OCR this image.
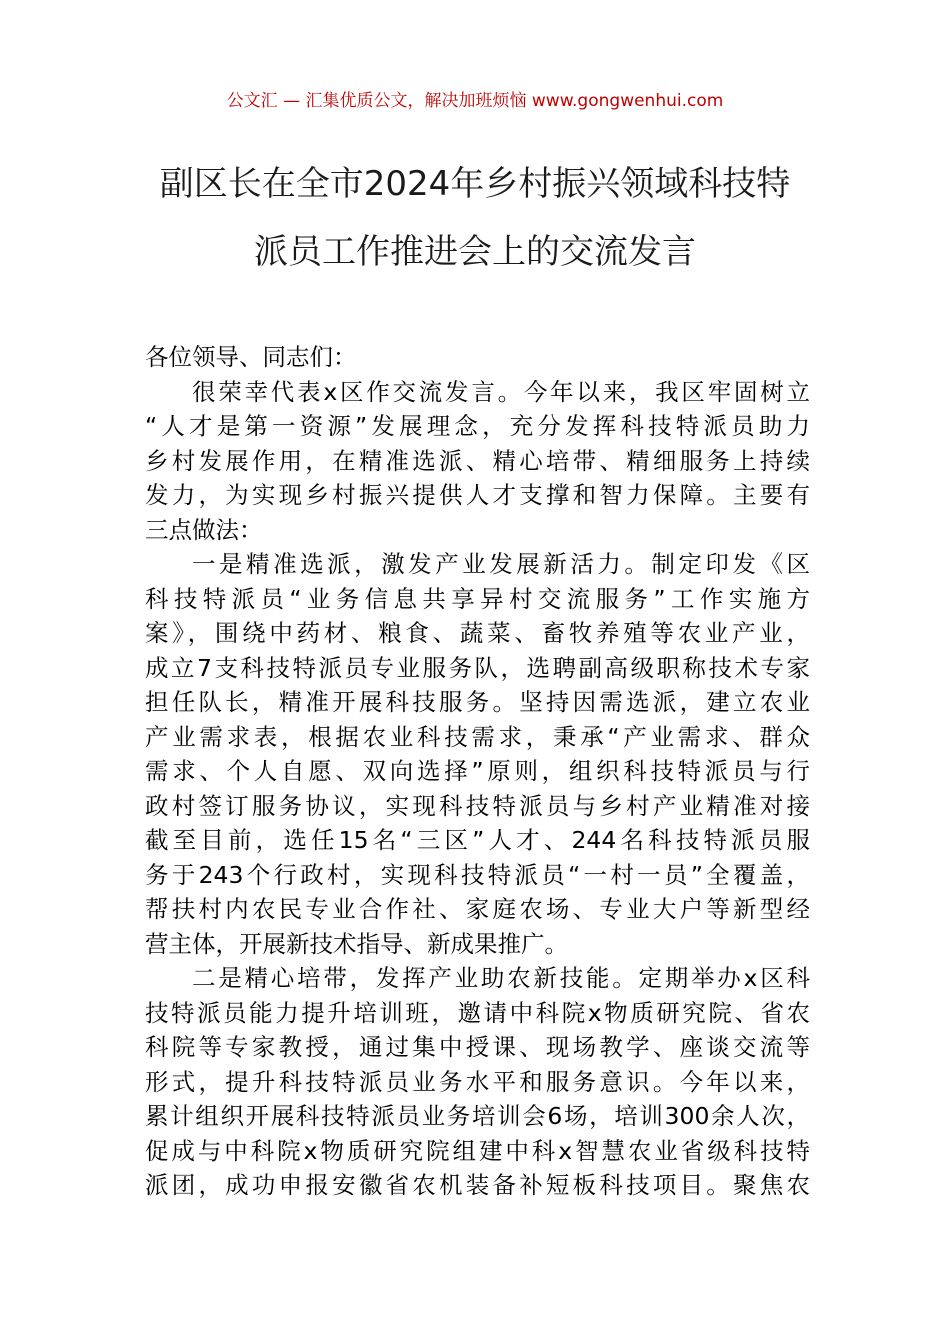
公文汇 — 汇集优质公文，解决加班烦恼 www.gongwenhui.com
副区长在全市2024年乡村振兴领域科技特
派员工作推进会上的交流发言
各位领导、同志们：
很荣幸代表x区作交流发言。今年以来，我区牢固树立
“人才是第一资源”发展理念，充分发挥科技特派员助力
乡村发展作用，在精准选派、精心培带、精细服务上持续
发力，为实现乡村振兴提供人才支撑和智力保障。主要有
三点做法：
一是精准选派，激发产业发展新活力。制定印发《区
科技特派员“业务信息共享异村交流服务”工作实施方
案》，围绕中药材、粮食、蔬菜、畜牧养殖等农业产业，
成立7支科技特派员专业服务队，选聘副高级职称技术专家
担任队长，精准开展科技服务。坚持因需选派，建立农业
产业需求表，根据农业科技需求，秉承“产业需求、群众
需求、个人自愿、双向选择”原则，组织科技特派员与行
政村签订服务协议，实现科技特派员与乡村产业精准对接
截至目前，选任15名“三区”人才、244名科技特派员服
务于243个行政村，实现科技特派员“一村一员”全覆盖，
帮扶村内农民专业合作社、家庭农场、专业大户等新型经
营主体，开展新技术指导、新成果推广。
二是精心培带，发挥产业助农新技能。定期举办x区科
技特派员能力提升培训班，邀请中科院x物质研究院、省农
科院等专家教授，通过集中授课、现场教学、座谈交流等
形式，提升科技特派员业务水平和服务意识。今年以来，
累计组织开展科技特派员业务培训会6场，培训300余人次，
促成与中科院x物质研究院组建中科x智慧农业省级科技特
派团，成功申报安徽省农机装备补短板科技项目。聚焦农
